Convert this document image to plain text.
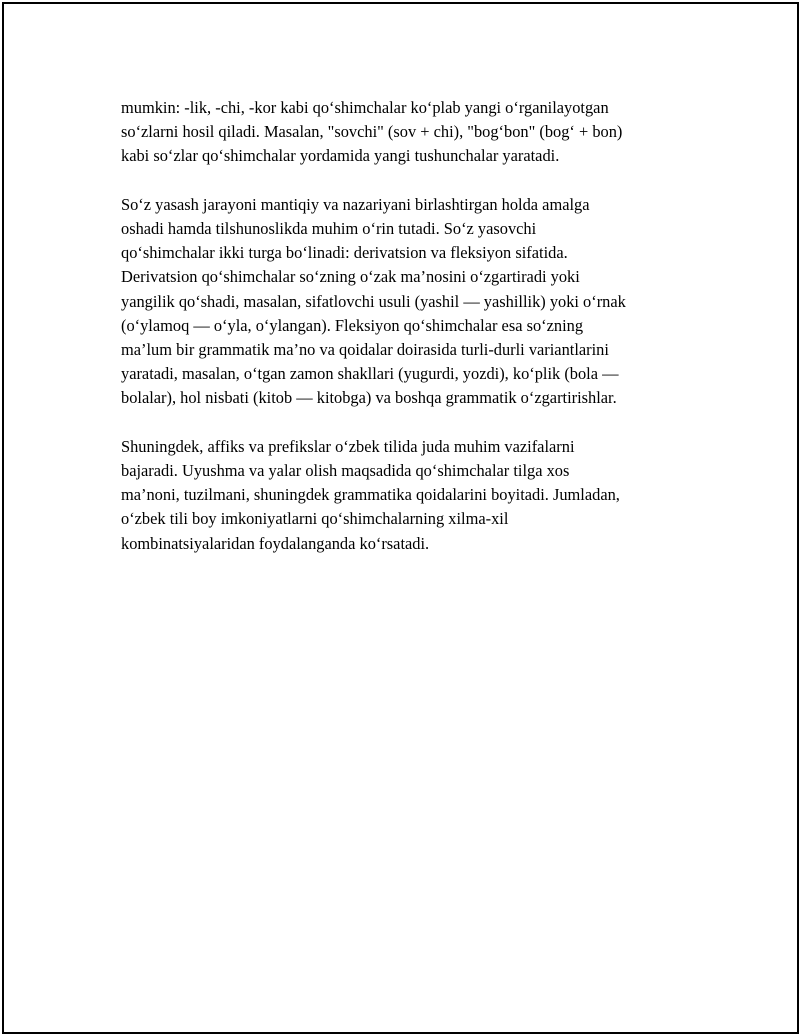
mumkin: -lik, -chi, -kor kabi qo‘shimchalar ko‘plab yangi o‘rganilayotgan
so‘zlarni hosil qiladi. Masalan, "sovchi" (sov + chi), "bog‘bon" (bog‘ + bon)
kabi so‘zlar qo‘shimchalar yordamida yangi tushunchalar yaratadi.

So‘z yasash jarayoni mantiqiy va nazariyani birlashtirgan holda amalga
oshadi hamda tilshunoslikda muhim o‘rin tutadi. So‘z yasovchi
qo‘shimchalar ikki turga bo‘linadi: derivatsion va fleksiyon sifatida.
Derivatsion qo‘shimchalar so‘zning o‘zak ma’nosini o‘zgartiradi yoki
yangilik qo‘shadi, masalan, sifatlovchi usuli (yashil — yashillik) yoki o‘rnak
(o‘ylamoq — o‘yla, o‘ylangan). Fleksiyon qo‘shimchalar esa so‘zning
ma’lum bir grammatik ma’no va qoidalar doirasida turli-durli variantlarini
yaratadi, masalan, o‘tgan zamon shakllari (yugurdi, yozdi), ko‘plik (bola —
bolalar), hol nisbati (kitob — kitobga) va boshqa grammatik o‘zgartirishlar.

Shuningdek, affiks va prefikslar o‘zbek tilida juda muhim vazifalarni
bajaradi. Uyushma va yalar olish maqsadida qo‘shimchalar tilga xos
ma’noni, tuzilmani, shuningdek grammatika qoidalarini boyitadi. Jumladan,
o‘zbek tili boy imkoniyatlarni qo‘shimchalarning xilma-xil
kombinatsiyalaridan foydalanganda ko‘rsatadi.
